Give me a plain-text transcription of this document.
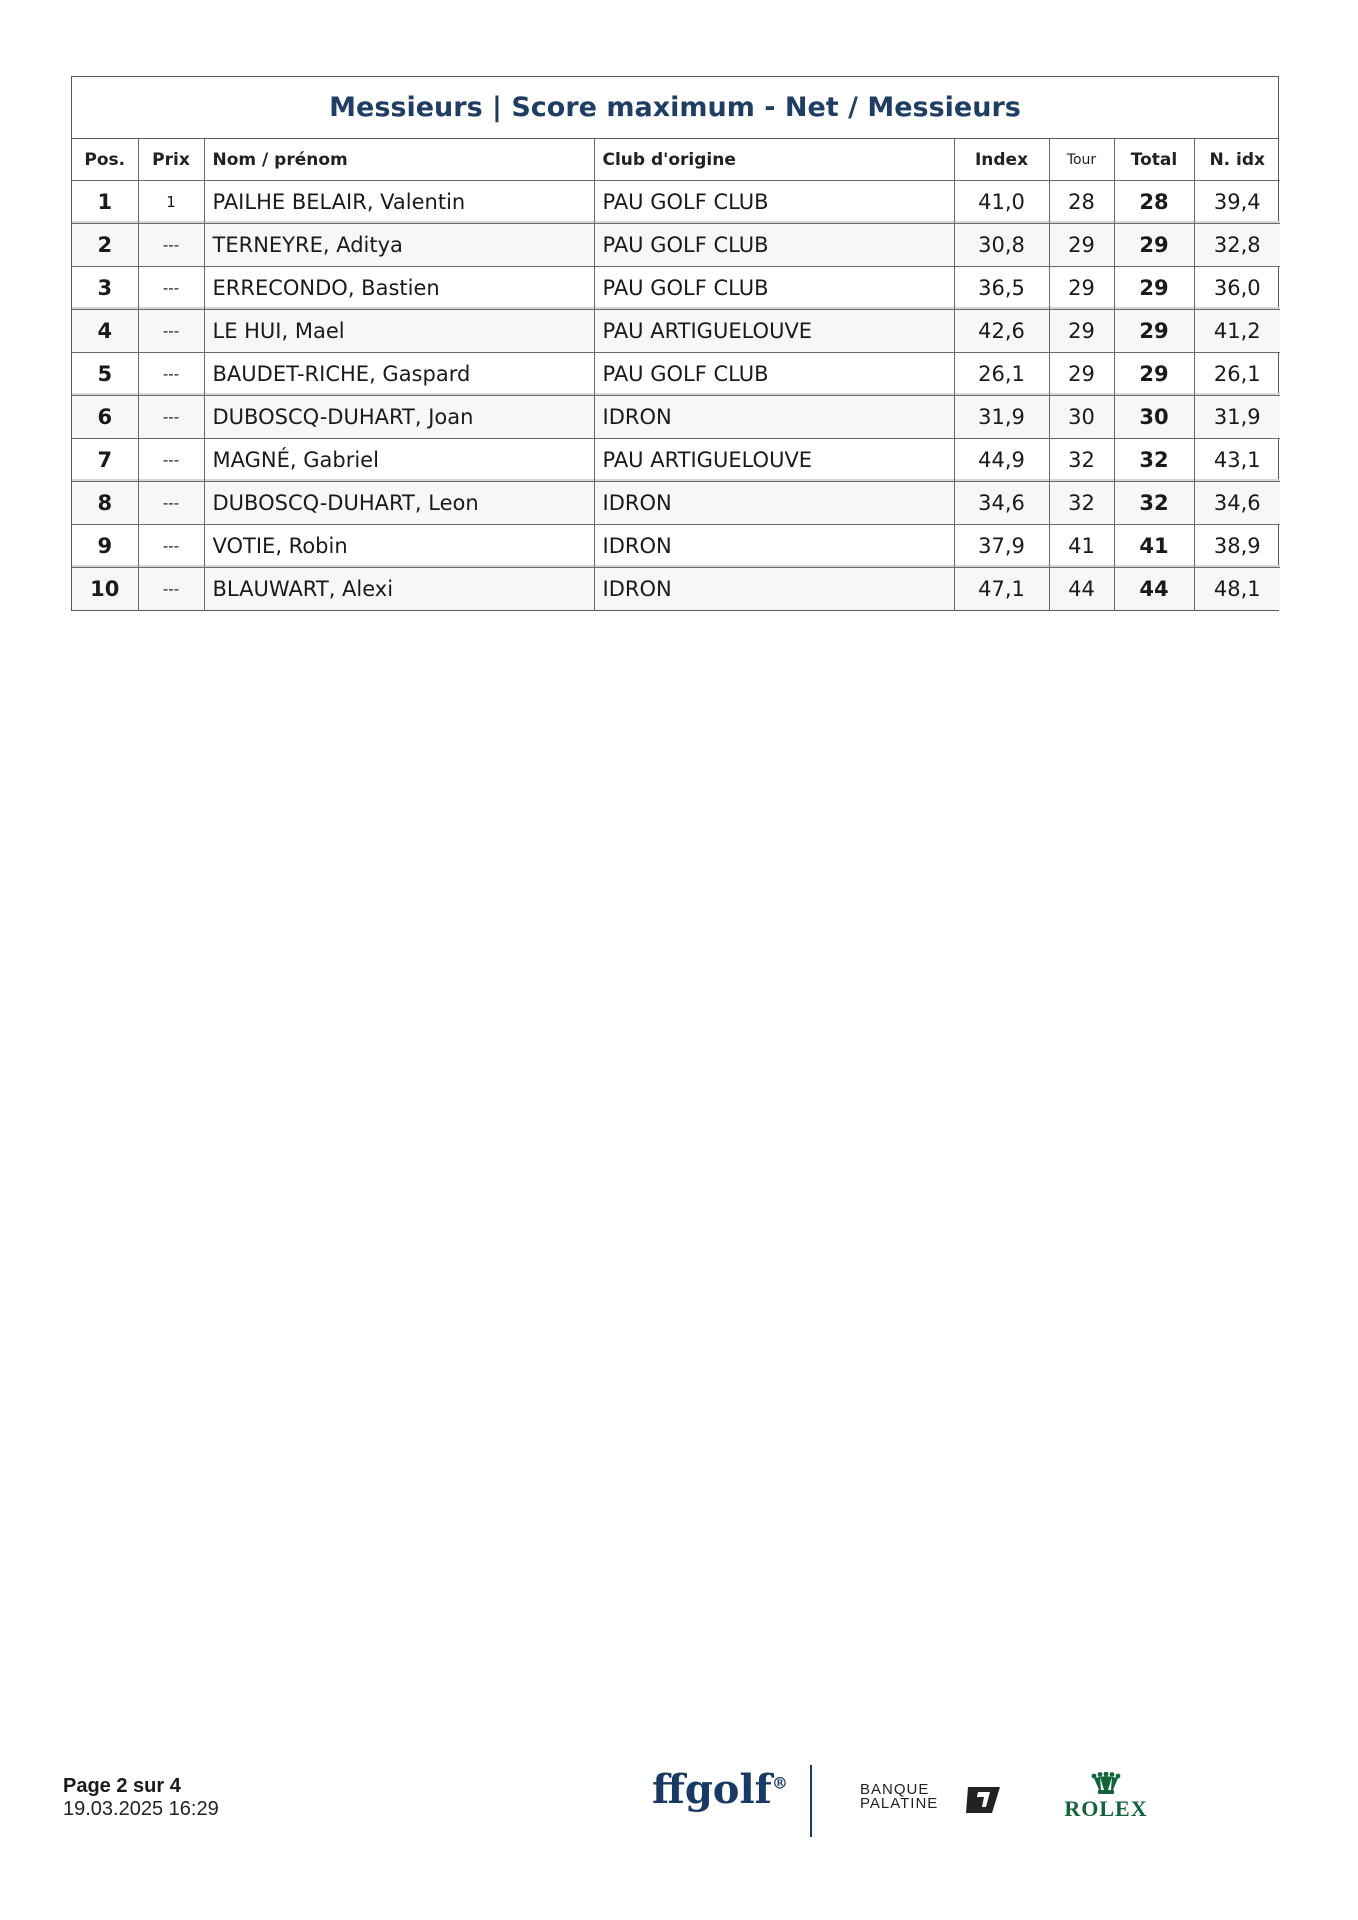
Messieurs | Score maximum - Net / Messieurs
Pos.	Prix	Nom / prénom	Club d'origine	Index	Tour	Total	N. idx
1	1	PAILHE BELAIR, Valentin	PAU GOLF CLUB	41,0	28	28	39,4
2	---	TERNEYRE, Aditya	PAU GOLF CLUB	30,8	29	29	32,8
3	---	ERRECONDO, Bastien	PAU GOLF CLUB	36,5	29	29	36,0
4	---	LE HUI, Mael	PAU ARTIGUELOUVE	42,6	29	29	41,2
5	---	BAUDET-RICHE, Gaspard	PAU GOLF CLUB	26,1	29	29	26,1
6	---	DUBOSCQ-DUHART, Joan	IDRON	31,9	30	30	31,9
7	---	MAGNÉ, Gabriel	PAU ARTIGUELOUVE	44,9	32	32	43,1
8	---	DUBOSCQ-DUHART, Leon	IDRON	34,6	32	32	34,6
9	---	VOTIE, Robin	IDRON	37,9	41	41	38,9
10	---	BLAUWART, Alexi	IDRON	47,1	44	44	48,1
Page 2 sur 4
19.03.2025 16:29	ffgolf®	BANQUE
PALATINE	ROLEX
